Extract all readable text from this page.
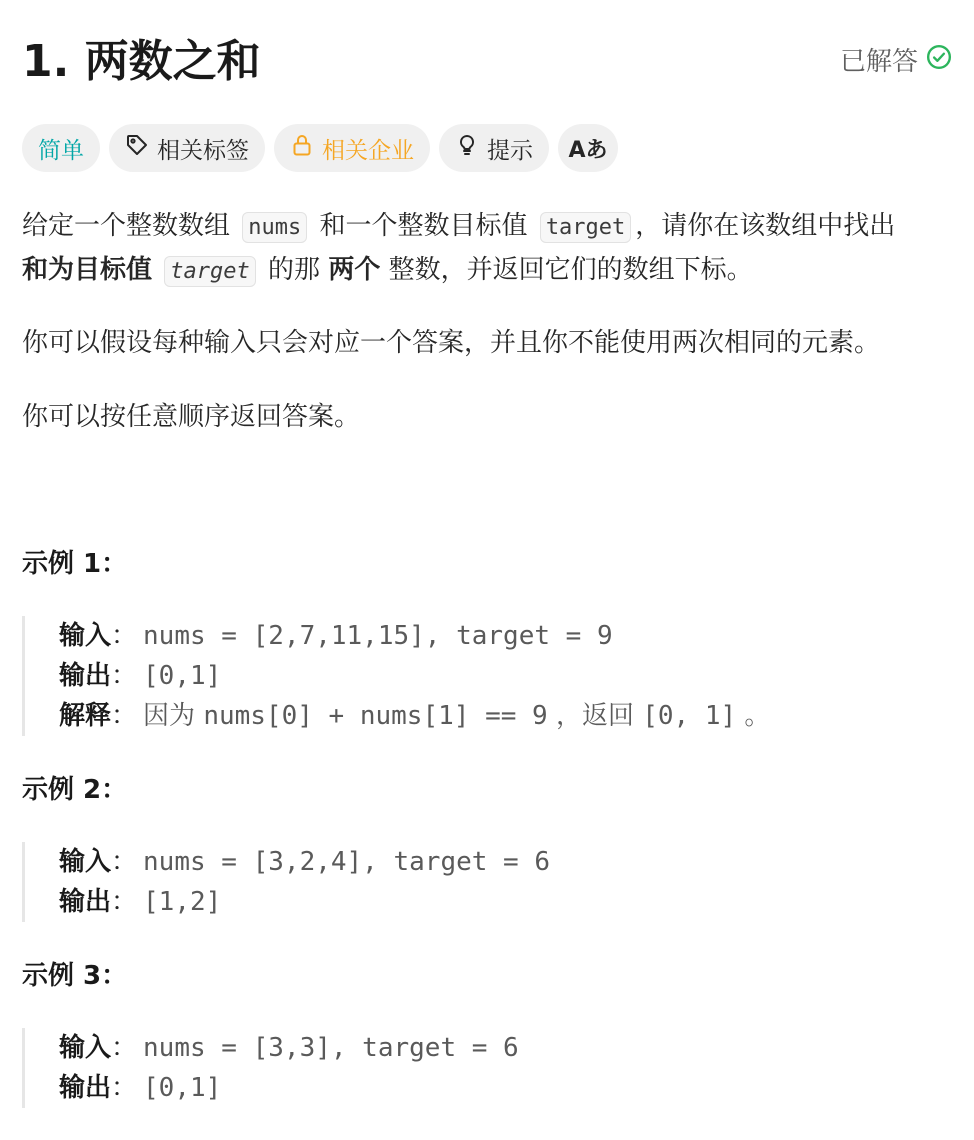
1. 两数之和	已解答
简单	相关标签	相关企业	提示 Aあ

给定一个整数数组 nums 和一个整数目标值 target ，请你在该数组中找出
和为目标值 target 的那 两个 整数，并返回它们的数组下标。

你可以假设每种输入只会对应一个答案，并且你不能使用两次相同的元素。
你可以按任意顺序返回答案。
示例 1：
输入： nums = [2,7,11,15], target = 9
输出： [0,1]
解释： 因为 nums[0] + nums[1] == 9 ，返回 [0, 1] 。
示例 2：
输入： nums = [3,2,4], target = 6
输出： [1,2]
示例 3：
输入： nums = [3,3], target = 6
输出： [0,1]
